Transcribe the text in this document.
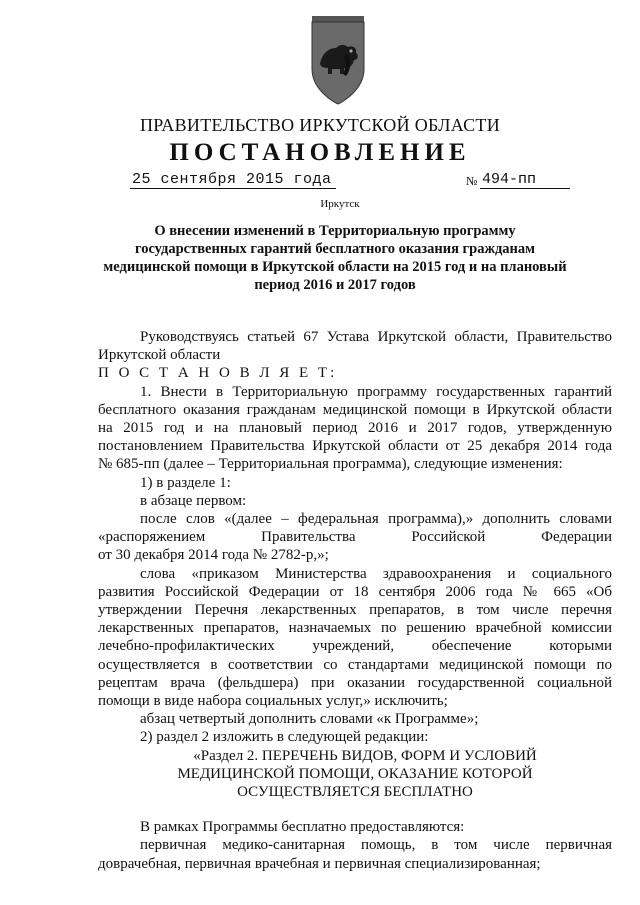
ПРАВИТЕЛЬСТВО ИРКУТСКОЙ ОБЛАСТИ
ПОСТАНОВЛЕНИЕ
25 сентября 2015 года	№ 494-пп
Иркутск
О внесении изменений в Территориальную программу
государственных гарантий бесплатного оказания гражданам
медицинской помощи в Иркутской области на 2015 год и на плановый
период 2016 и 2017 годов

Руководствуясь статьей 67 Устава Иркутской области, Правительство

Иркутской области

П О С Т А Н О В Л Я Е Т:

1. Внести в Территориальную программу государственных гарантий

бесплатного оказания гражданам медицинской помощи в Иркутской области

на 2015 год и на плановый период 2016 и 2017 годов, утвержденную

постановлением Правительства Иркутской области от 25 декабря 2014 года

№ 685-пп (далее – Территориальная программа), следующие изменения:

1) в разделе 1:

в абзаце первом:

после слов «(далее – федеральная программа),» дополнить словами

«распоряжением Правительства Российской Федерации

от 30 декабря 2014 года № 2782-р,»;

слова «приказом Министерства здравоохранения и социального

развития Российской Федерации от 18 сентября 2006 года № 665 «Об

утверждении Перечня лекарственных препаратов, в том числе перечня

лекарственных препаратов, назначаемых по решению врачебной комиссии

лечебно-профилактических учреждений, обеспечение которыми

осуществляется в соответствии со стандартами медицинской помощи по

рецептам врача (фельдшера) при оказании государственной социальной

помощи в виде набора социальных услуг,» исключить;

абзац четвертый дополнить словами «к Программе»;

2) раздел 2 изложить в следующей редакции:

«Раздел 2. ПЕРЕЧЕНЬ ВИДОВ, ФОРМ И УСЛОВИЙ

МЕДИЦИНСКОЙ ПОМОЩИ, ОКАЗАНИЕ КОТОРОЙ

ОСУЩЕСТВЛЯЕТСЯ БЕСПЛАТНО

В рамках Программы бесплатно предоставляются:

первичная медико-санитарная помощь, в том числе первичная

доврачебная, первичная врачебная и первичная специализированная;
